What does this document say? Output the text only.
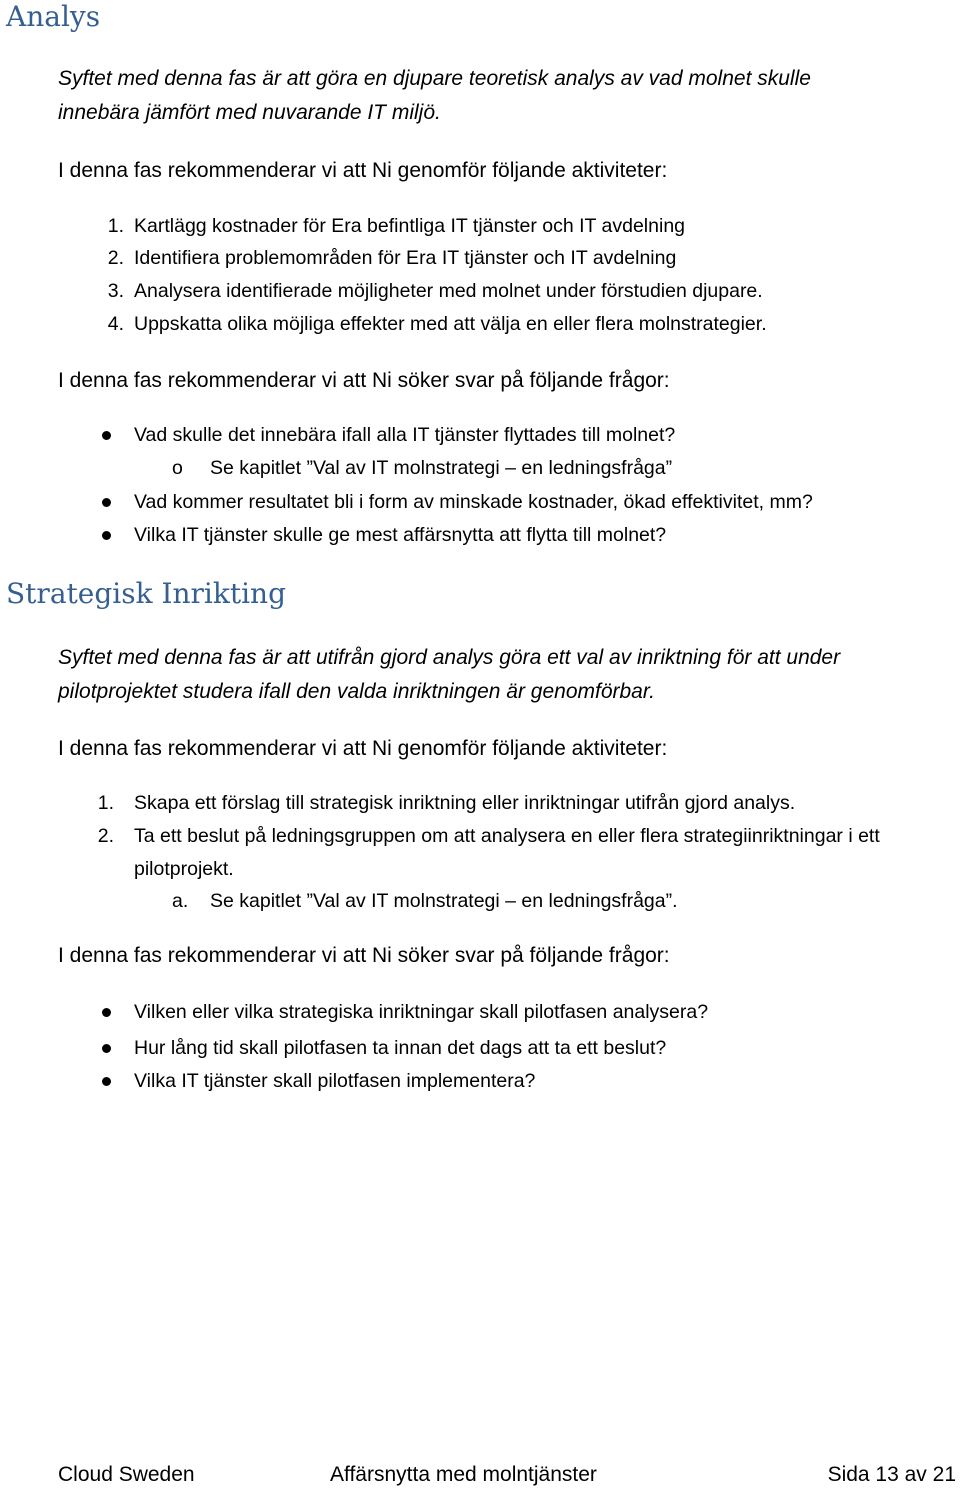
Analys
Syftet med denna fas är att göra en djupare teoretisk analys av vad molnet skulle
innebära jämfört med nuvarande IT miljö.
I denna fas rekommenderar vi att Ni genomför följande aktiviteter:
1. Kartlägg kostnader för Era befintliga IT tjänster och IT avdelning
2. Identifiera problemområden för Era IT tjänster och IT avdelning
3. Analysera identifierade möjligheter med molnet under förstudien djupare.
4. Uppskatta olika möjliga effekter med att välja en eller flera molnstrategier.
I denna fas rekommenderar vi att Ni söker svar på följande frågor:
Vad skulle det innebära ifall alla IT tjänster flyttades till molnet?
o Se kapitlet ”Val av IT molnstrategi – en ledningsfråga”
Vad kommer resultatet bli i form av minskade kostnader, ökad effektivitet, mm?
Vilka IT tjänster skulle ge mest affärsnytta att flytta till molnet?
Strategisk Inrikting
Syftet med denna fas är att utifrån gjord analys göra ett val av inriktning för att under
pilotprojektet studera ifall den valda inriktningen är genomförbar.
I denna fas rekommenderar vi att Ni genomför följande aktiviteter:
1. Skapa ett förslag till strategisk inriktning eller inriktningar utifrån gjord analys.
2. Ta ett beslut på ledningsgruppen om att analysera en eller flera strategiinriktningar i ett
pilotprojekt.
a. Se kapitlet ”Val av IT molnstrategi – en ledningsfråga”.
I denna fas rekommenderar vi att Ni söker svar på följande frågor:
Vilken eller vilka strategiska inriktningar skall pilotfasen analysera?
Hur lång tid skall pilotfasen ta innan det dags att ta ett beslut?
Vilka IT tjänster skall pilotfasen implementera?
Cloud Sweden	Affärsnytta med molntjänster	Sida 13 av 21
